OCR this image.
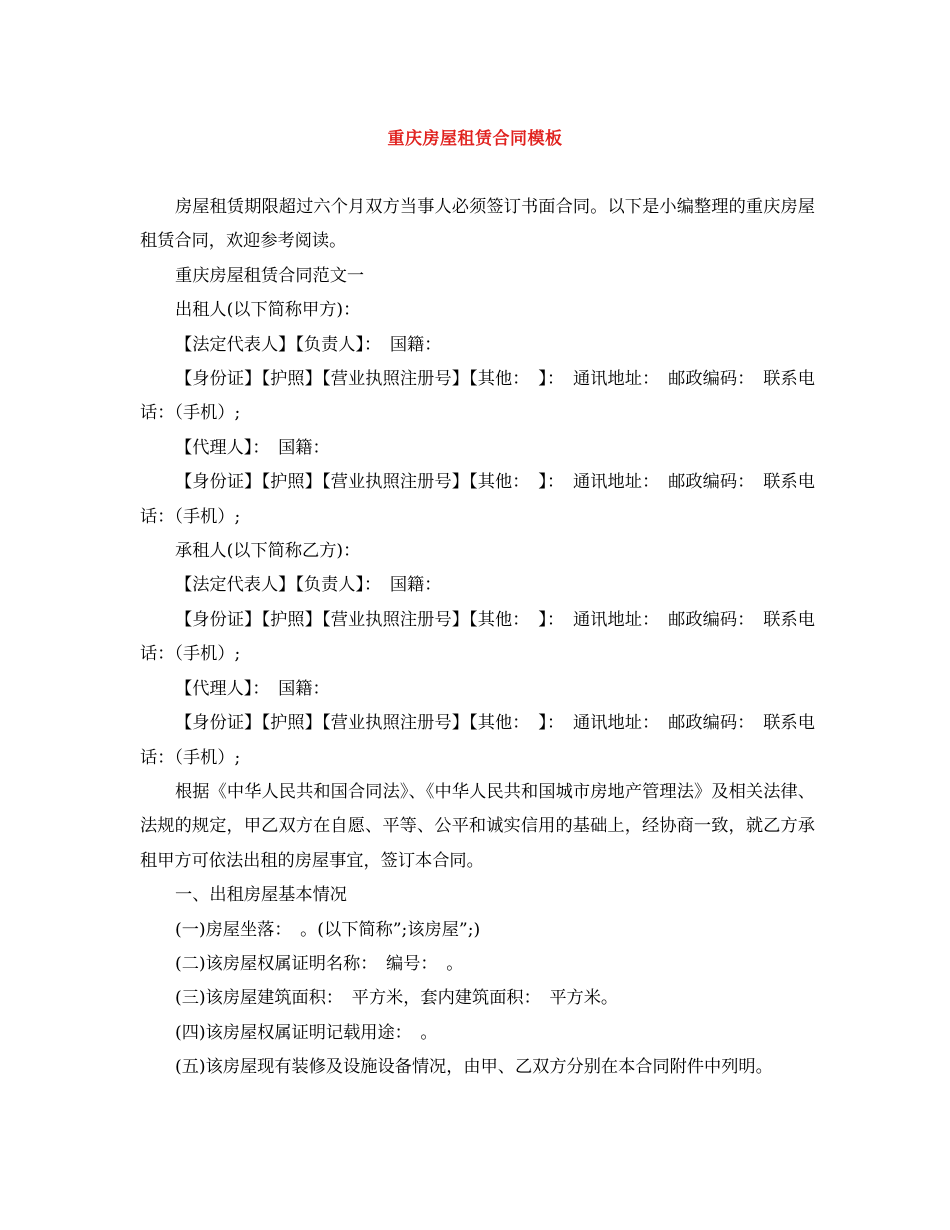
重庆房屋租赁合同模板

房屋租赁期限超过六个月双方当事人必须签订书面合同。以下是小编整理的重庆房屋租赁合同，欢迎参考阅读。

重庆房屋租赁合同范文一

出租人(以下简称甲方)：

【法定代表人】【负责人】：　国籍：

【身份证】【护照】【营业执照注册号】【其他：　】：　通讯地址：　邮政编码：　联系电话：（手机）;

【代理人】：　国籍：

【身份证】【护照】【营业执照注册号】【其他：　】：　通讯地址：　邮政编码：　联系电话：（手机）;

承租人(以下简称乙方)：

【法定代表人】【负责人】：　国籍：

【身份证】【护照】【营业执照注册号】【其他：　】：　通讯地址：　邮政编码：　联系电话：（手机）;

【代理人】：　国籍：

【身份证】【护照】【营业执照注册号】【其他：　】：　通讯地址：　邮政编码：　联系电话：（手机）;

根据《中华人民共和国合同法》、《中华人民共和国城市房地产管理法》及相关法律、法规的规定，甲乙双方在自愿、平等、公平和诚实信用的基础上，经协商一致，就乙方承租甲方可依法出租的房屋事宜，签订本合同。

一、出租房屋基本情况

(一)房屋坐落：　。(以下简称”;该房屋”;)

(二)该房屋权属证明名称：　编号：　。

(三)该房屋建筑面积：　平方米，套内建筑面积：　平方米。

(四)该房屋权属证明记载用途：　。

(五)该房屋现有装修及设施设备情况，由甲、乙双方分别在本合同附件中列明。
